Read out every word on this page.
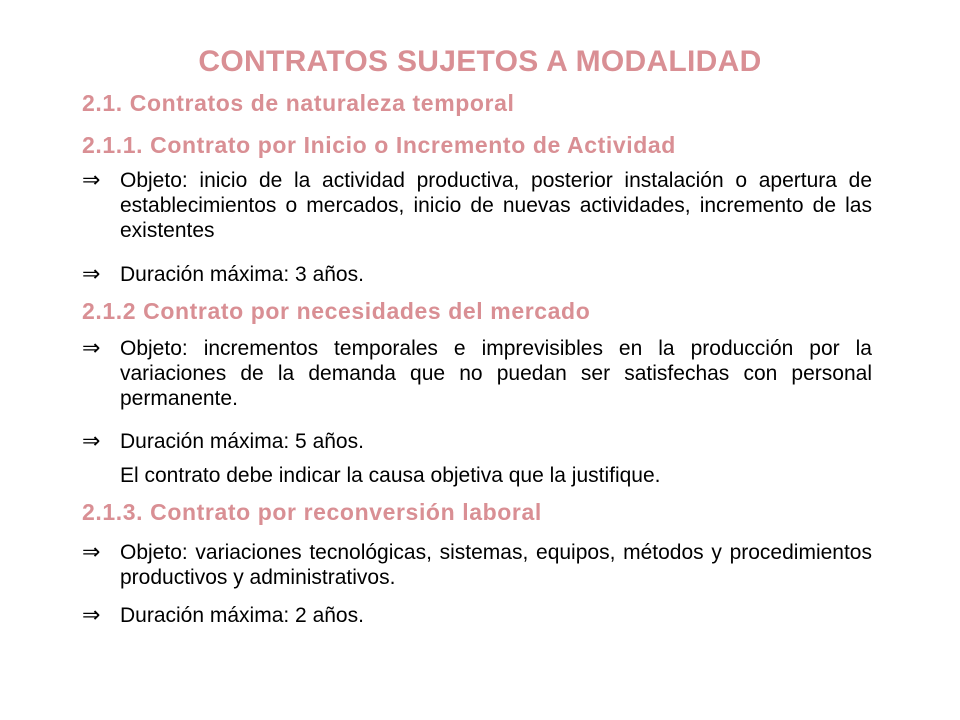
CONTRATOS SUJETOS A MODALIDAD
2.1. Contratos de naturaleza temporal
2.1.1. Contrato por Inicio o Incremento de Actividad
⇒ Objeto: inicio de la actividad productiva, posterior instalación o apertura de establecimientos o mercados, inicio de nuevas actividades, incremento de las existentes
⇒ Duración máxima: 3 años.
2.1.2 Contrato por necesidades del mercado
⇒ Objeto: incrementos temporales e imprevisibles en la producción por la variaciones de la demanda que no puedan ser satisfechas con personal permanente.
⇒ Duración máxima: 5 años.
El contrato debe indicar la causa objetiva que la justifique.
2.1.3. Contrato por reconversión laboral
⇒ Objeto: variaciones tecnológicas, sistemas, equipos, métodos y procedimientos productivos y administrativos.
⇒ Duración máxima: 2 años.
